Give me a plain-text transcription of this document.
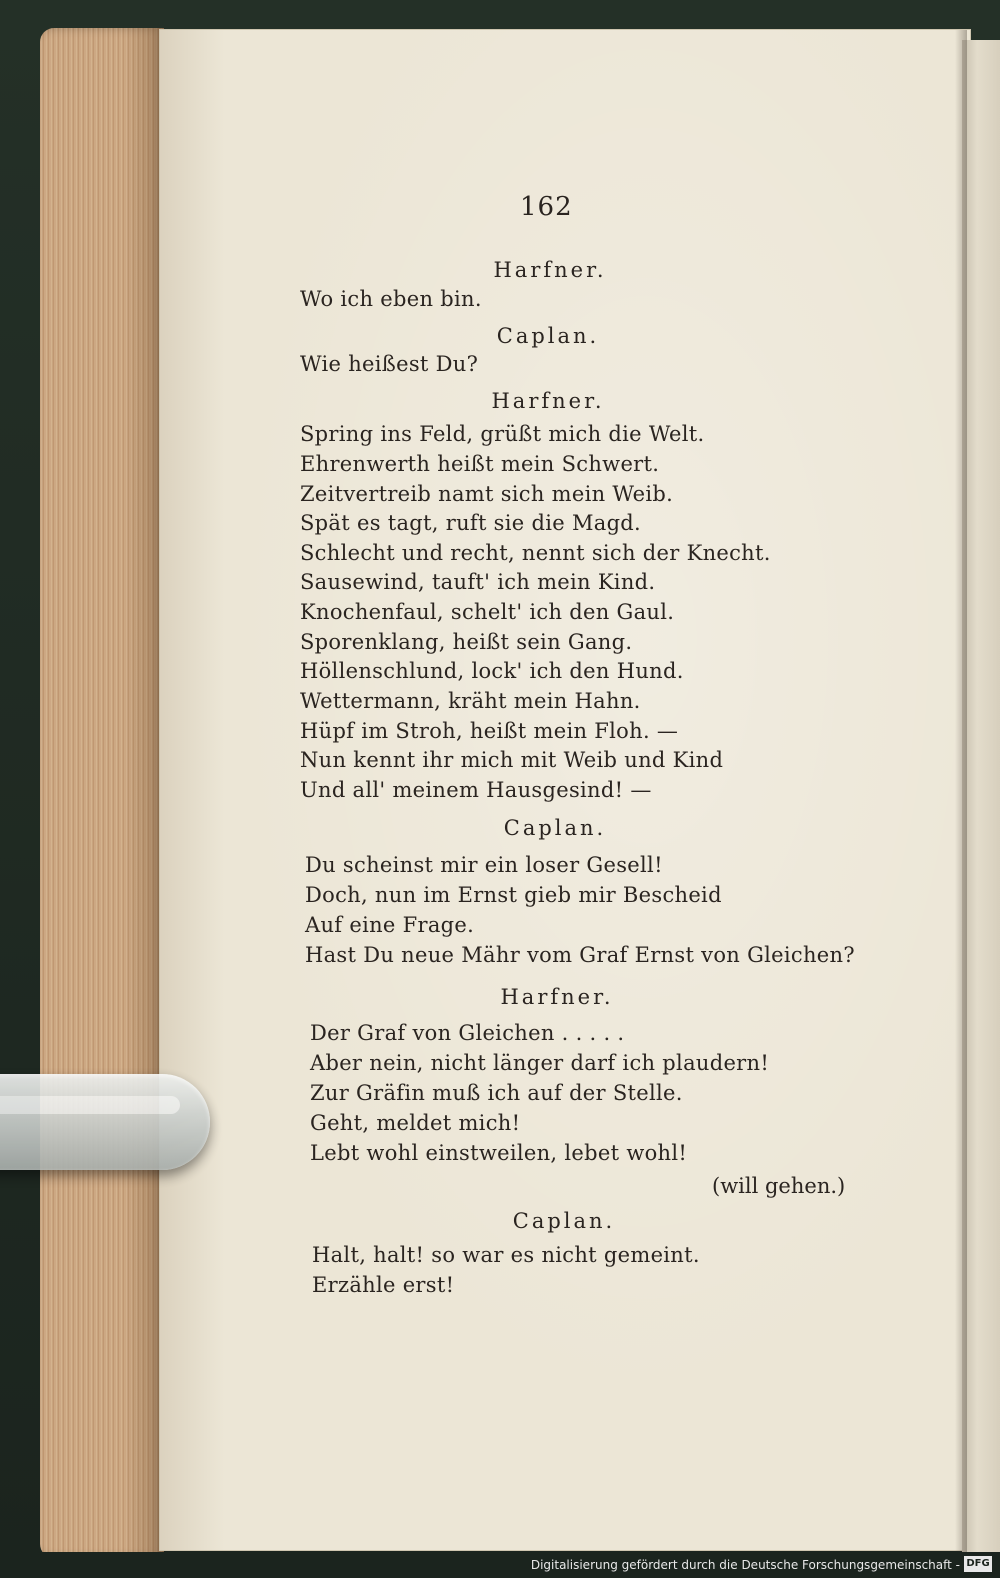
162
Harfner.
Wo ich eben bin.
Caplan.
Wie heißest Du?
Harfner.
Spring ins Feld, grüßt mich die Welt.
Ehrenwerth heißt mein Schwert.
Zeitvertreib namt sich mein Weib.
Spät es tagt, ruft sie die Magd.
Schlecht und recht, nennt sich der Knecht.
Sausewind, tauft' ich mein Kind.
Knochenfaul, schelt' ich den Gaul.
Sporenklang, heißt sein Gang.
Höllenschlund, lock' ich den Hund.
Wettermann, kräht mein Hahn.
Hüpf im Stroh, heißt mein Floh. —
Nun kennt ihr mich mit Weib und Kind
Und all' meinem Hausgesind! —
Caplan.
Du scheinst mir ein loser Gesell!
Doch, nun im Ernst gieb mir Bescheid
Auf eine Frage.
Hast Du neue Mähr vom Graf Ernst von Gleichen?
Harfner.
Der Graf von Gleichen . . . . .
Aber nein, nicht länger darf ich plaudern!
Zur Gräfin muß ich auf der Stelle.
Geht, meldet mich!
Lebt wohl einstweilen, lebet wohl!
(will gehen.)
Caplan.
Halt, halt! so war es nicht gemeint.
Erzähle erst!
Digitalisierung gefördert durch die Deutsche Forschungsgemeinschaft - DFG
